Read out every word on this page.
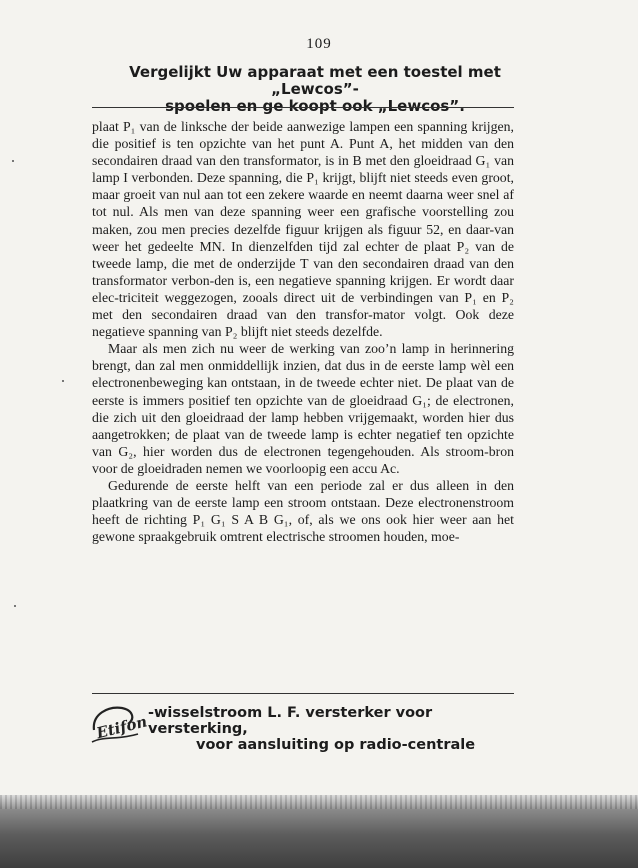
109
Vergelijkt Uw apparaat met een toestel met „Lewcos”-
spoelen en ge koopt ook „Lewcos”.

plaat P₁ van de linksche der beide aanwezige lampen een spanning krijgen, die positief is ten opzichte van het punt A. Punt A, het midden van den secondairen draad van den transformator, is in B met den gloeidraad G₁ van lamp I verbonden. Deze spanning, die P₁ krijgt, blijft niet steeds even groot, maar groeit van nul aan tot een zekere waarde en neemt daarna weer snel af tot nul. Als men van deze spanning weer een grafische voorstelling zou maken, zou men precies dezelfde figuur krijgen als figuur 52, en daar-van weer het gedeelte MN. In dienzelfden tijd zal echter de plaat P₂ van de tweede lamp, die met de onderzijde T van den secondairen draad van den transformator verbon-den is, een negatieve spanning krijgen. Er wordt daar elec-triciteit weggezogen, zooals direct uit de verbindingen van P₁ en P₂ met den secondairen draad van den transfor-mator volgt. Ook deze negatieve spanning van P₂ blijft niet steeds dezelfde.

Maar als men zich nu weer de werking van zoo’n lamp in herinnering brengt, dan zal men onmiddellijk inzien, dat dus in de eerste lamp wèl een electronenbeweging kan ontstaan, in de tweede echter niet. De plaat van de eerste is immers positief ten opzichte van de gloeidraad G₁; de electronen, die zich uit den gloeidraad der lamp hebben vrijgemaakt, worden hier dus aangetrokken; de plaat van de tweede lamp is echter negatief ten opzichte van G₂, hier worden dus de electronen tegengehouden. Als stroom-bron voor de gloeidraden nemen we voorloopig een accu Ac.

Gedurende de eerste helft van een periode zal er dus alleen in den plaatkring van de eerste lamp een stroom ontstaan. Deze electronenstroom heeft de richting P₁ G₁ S A B G₁, of, als we ons ook hier weer aan het gewone spraakgebruik omtrent electrische stroomen houden, moe-

Etifon -wisselstroom L. F. versterker voor versterking,
voor aansluiting op radio-centrale
